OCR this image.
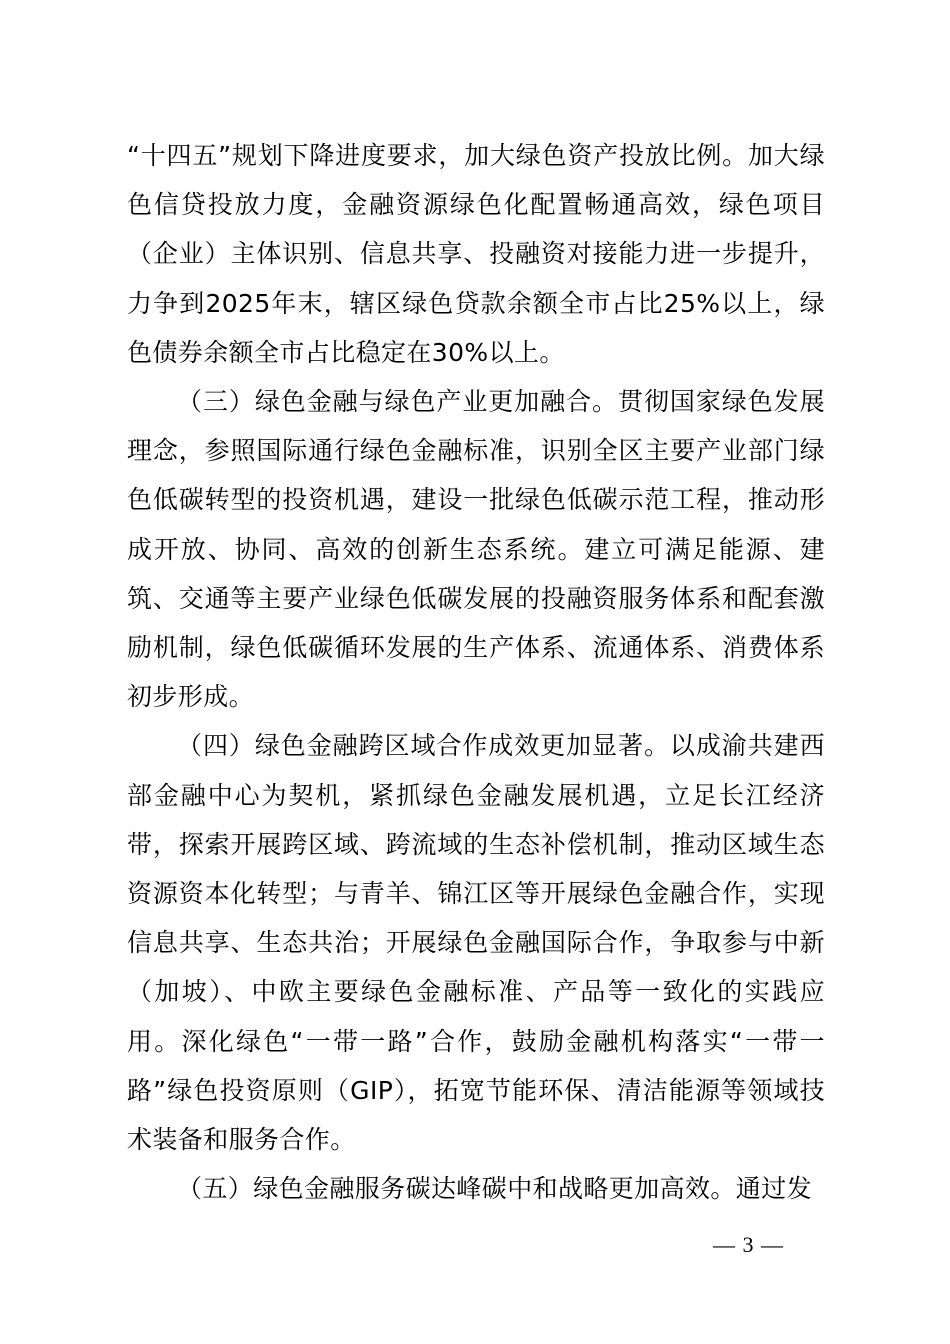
“十四五”规划下降进度要求，加大绿色资产投放比例。加大绿色信贷投放力度，金融资源绿色化配置畅通高效，绿色项目（企业）主体识别、信息共享、投融资对接能力进一步提升，力争到2025年末，辖区绿色贷款余额全市占比25%以上，绿色债券余额全市占比稳定在30%以上。

（三）绿色金融与绿色产业更加融合。贯彻国家绿色发展理念，参照国际通行绿色金融标准，识别全区主要产业部门绿色低碳转型的投资机遇，建设一批绿色低碳示范工程，推动形成开放、协同、高效的创新生态系统。建立可满足能源、建筑、交通等主要产业绿色低碳发展的投融资服务体系和配套激励机制，绿色低碳循环发展的生产体系、流通体系、消费体系初步形成。

（四）绿色金融跨区域合作成效更加显著。以成渝共建西部金融中心为契机，紧抓绿色金融发展机遇，立足长江经济带，探索开展跨区域、跨流域的生态补偿机制，推动区域生态资源资本化转型；与青羊、锦江区等开展绿色金融合作，实现信息共享、生态共治；开展绿色金融国际合作，争取参与中新（加坡）、中欧主要绿色金融标准、产品等一致化的实践应用。深化绿色“一带一路”合作，鼓励金融机构落实“一带一路”绿色投资原则（GIP），拓宽节能环保、清洁能源等领域技术装备和服务合作。

（五）绿色金融服务碳达峰碳中和战略更加高效。通过发

— 3 —
